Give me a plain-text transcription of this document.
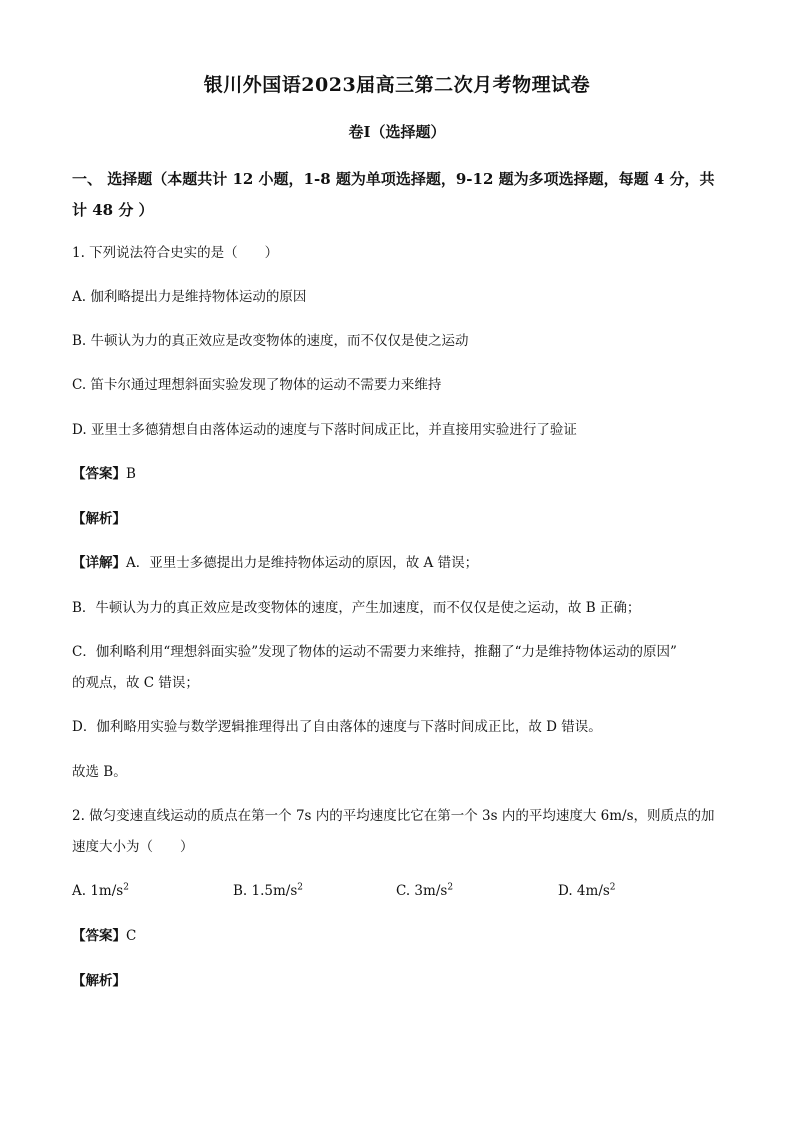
银川外国语2023届高三第二次月考物理试卷
卷I（选择题）
一、 选择题（本题共计 12 小题，1-8 题为单项选择题，9-12 题为多项选择题，每题 4 分，共计 48 分 ）
1. 下列说法符合史实的是（　　）
A. 伽利略提出力是维持物体运动的原因
B. 牛顿认为力的真正效应是改变物体的速度，而不仅仅是使之运动
C. 笛卡尔通过理想斜面实验发现了物体的运动不需要力来维持
D. 亚里士多德猜想自由落体运动的速度与下落时间成正比，并直接用实验进行了验证
【答案】B
【解析】
【详解】A．亚里士多德提出力是维持物体运动的原因，故 A 错误；
B．牛顿认为力的真正效应是改变物体的速度，产生加速度，而不仅仅是使之运动，故 B 正确；
C．伽利略利用“理想斜面实验”发现了物体的运动不需要力来维持，推翻了“力是维持物体运动的原因”
的观点，故 C 错误；
D．伽利略用实验与数学逻辑推理得出了自由落体的速度与下落时间成正比，故 D 错误。
故选 B。
2. 做匀变速直线运动的质点在第一个 7s 内的平均速度比它在第一个 3s 内的平均速度大 6m/s，则质点的加
速度大小为（　　）
A. $1m/s^2$	B. $1.5m/s^2$	C. $3m/s^2$	D. $4m/s^2$
【答案】C
【解析】
